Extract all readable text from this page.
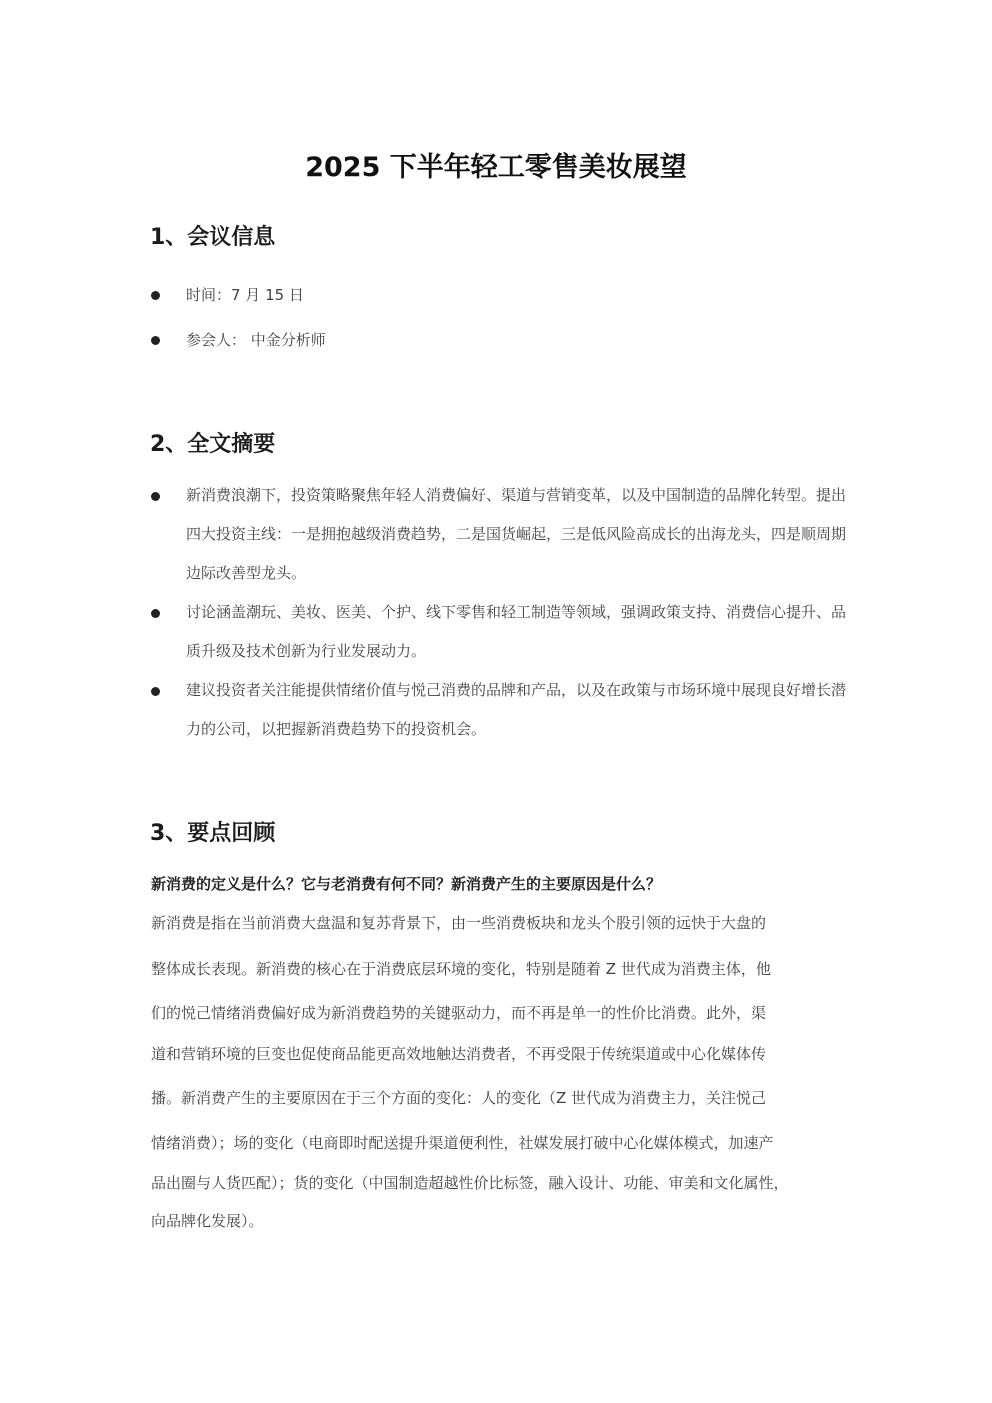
2025 下半年轻工零售美妆展望
1、会议信息
时间：7 月 15 日
参会人： 中金分析师
2、全文摘要
新消费浪潮下，投资策略聚焦年轻人消费偏好、渠道与营销变革，以及中国制造的品牌化转型。提出四大投资主线：一是拥抱越级消费趋势，二是国货崛起，三是低风险高成长的出海龙头，四是顺周期边际改善型龙头。
讨论涵盖潮玩、美妆、医美、个护、线下零售和轻工制造等领域，强调政策支持、消费信心提升、品质升级及技术创新为行业发展动力。
建议投资者关注能提供情绪价值与悦己消费的品牌和产品，以及在政策与市场环境中展现良好增长潜力的公司，以把握新消费趋势下的投资机会。
3、要点回顾
新消费的定义是什么？它与老消费有何不同？新消费产生的主要原因是什么？
新消费是指在当前消费大盘温和复苏背景下，由一些消费板块和龙头个股引领的远快于大盘的
整体成长表现。新消费的核心在于消费底层环境的变化，特别是随着 Z 世代成为消费主体，他
们的悦己情绪消费偏好成为新消费趋势的关键驱动力，而不再是单一的性价比消费。此外，渠
道和营销环境的巨变也促使商品能更高效地触达消费者，不再受限于传统渠道或中心化媒体传
播。新消费产生的主要原因在于三个方面的变化：人的变化（Z 世代成为消费主力，关注悦己
情绪消费）；场的变化（电商即时配送提升渠道便利性，社媒发展打破中心化媒体模式，加速产
品出圈与人货匹配）；货的变化（中国制造超越性价比标签，融入设计、功能、审美和文化属性，
向品牌化发展）。
